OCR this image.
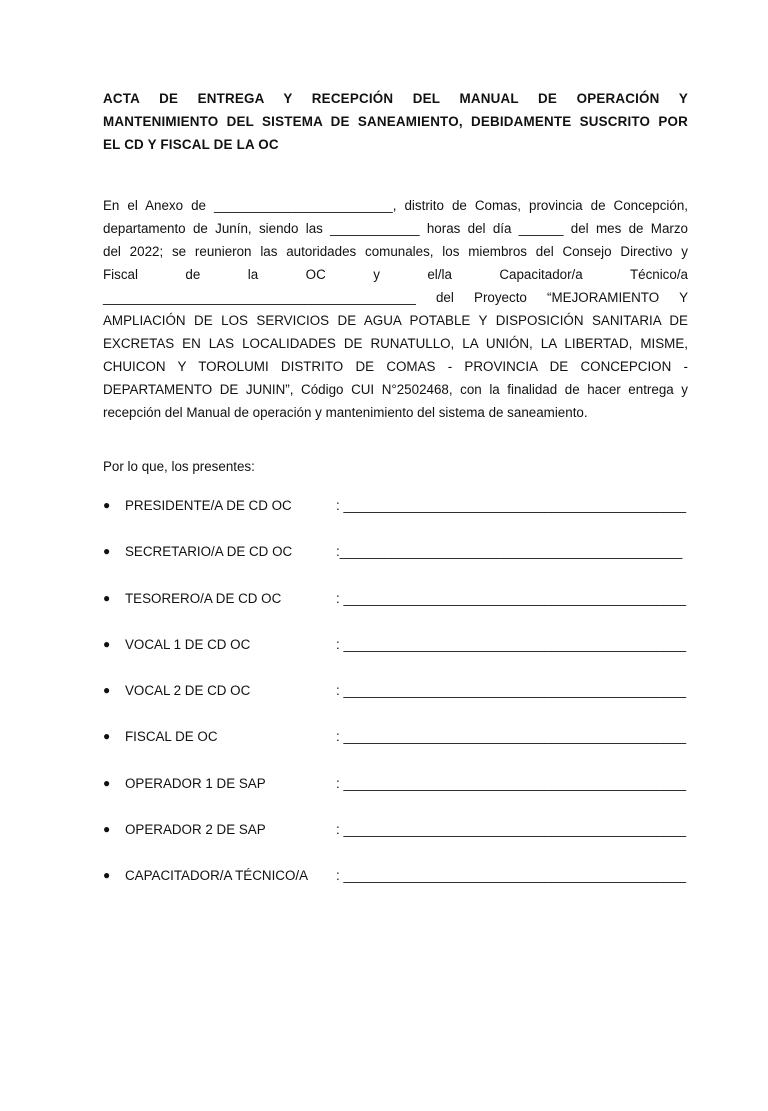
ACTA DE ENTREGA Y RECEPCIÓN DEL MANUAL DE OPERACIÓN Y
MANTENIMIENTO DEL SISTEMA DE SANEAMIENTO, DEBIDAMENTE SUSCRITO POR
EL CD Y FISCAL DE LA OC

En el Anexo de ________________________, distrito de Comas, provincia de Concepción,
departamento de Junín, siendo las ____________ horas del día ______ del mes de Marzo
del 2022; se reunieron las autoridades comunales, los miembros del Consejo Directivo y
Fiscal de la OC y el/la Capacitador/a Técnico/a
__________________________________________ del Proyecto “MEJORAMIENTO Y
AMPLIACIÓN DE LOS SERVICIOS DE AGUA POTABLE Y DISPOSICIÓN SANITARIA DE
EXCRETAS EN LAS LOCALIDADES DE RUNATULLO, LA UNIÓN, LA LIBERTAD, MISME,
CHUICON Y TOROLUMI DISTRITO DE COMAS - PROVINCIA DE CONCEPCION -
DEPARTAMENTO DE JUNIN”, Código CUI N°2502468, con la finalidad de hacer entrega y
recepción del Manual de operación y mantenimiento del sistema de saneamiento.

Por lo que, los presentes:

● PRESIDENTE/A DE CD OC	: ______________________________________________
● SECRETARIO/A DE CD OC	:______________________________________________
● TESORERO/A DE CD OC	: ______________________________________________
● VOCAL 1 DE CD OC	: ______________________________________________
● VOCAL 2 DE CD OC	: ______________________________________________
● FISCAL DE OC	: ______________________________________________
● OPERADOR 1 DE SAP	: ______________________________________________
● OPERADOR 2 DE SAP	: ______________________________________________
● CAPACITADOR/A TÉCNICO/A : ______________________________________________
